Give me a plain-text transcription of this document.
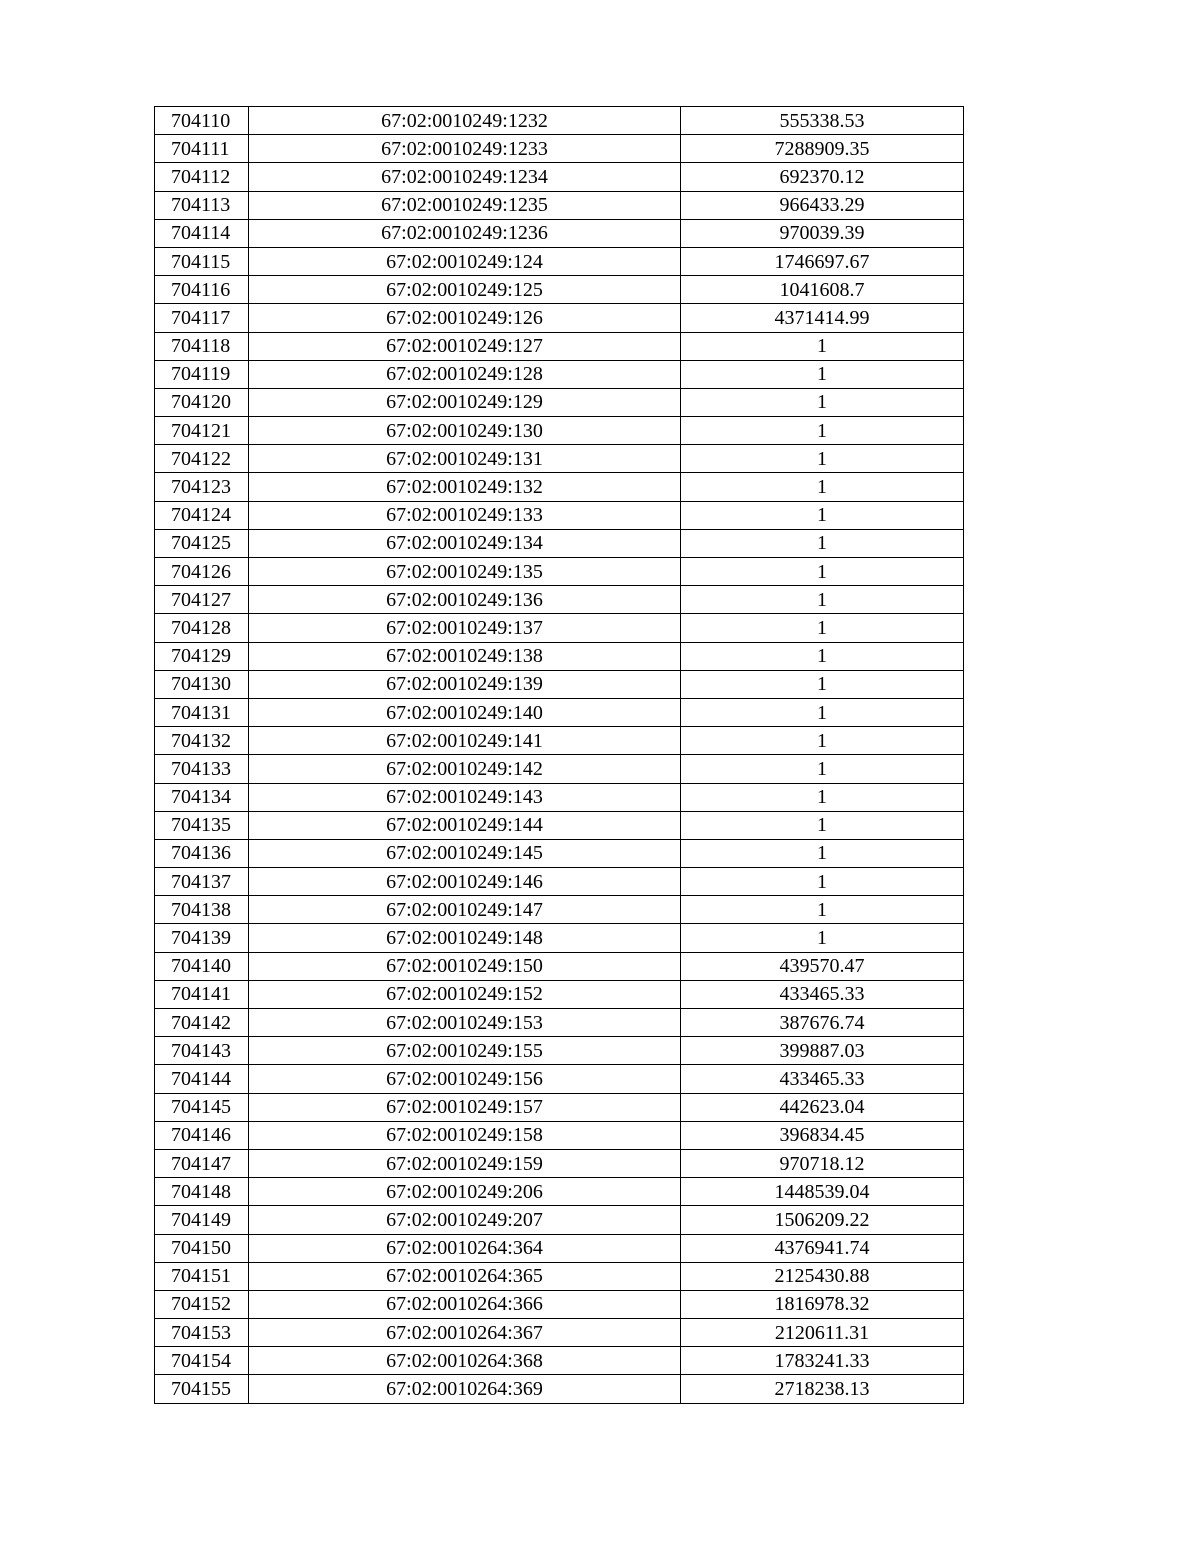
704110	67:02:0010249:1232	555338.53
704111	67:02:0010249:1233	7288909.35
704112	67:02:0010249:1234	692370.12
704113	67:02:0010249:1235	966433.29
704114	67:02:0010249:1236	970039.39
704115	67:02:0010249:124	1746697.67
704116	67:02:0010249:125	1041608.7
704117	67:02:0010249:126	4371414.99
704118	67:02:0010249:127	1
704119	67:02:0010249:128	1
704120	67:02:0010249:129	1
704121	67:02:0010249:130	1
704122	67:02:0010249:131	1
704123	67:02:0010249:132	1
704124	67:02:0010249:133	1
704125	67:02:0010249:134	1
704126	67:02:0010249:135	1
704127	67:02:0010249:136	1
704128	67:02:0010249:137	1
704129	67:02:0010249:138	1
704130	67:02:0010249:139	1
704131	67:02:0010249:140	1
704132	67:02:0010249:141	1
704133	67:02:0010249:142	1
704134	67:02:0010249:143	1
704135	67:02:0010249:144	1
704136	67:02:0010249:145	1
704137	67:02:0010249:146	1
704138	67:02:0010249:147	1
704139	67:02:0010249:148	1
704140	67:02:0010249:150	439570.47
704141	67:02:0010249:152	433465.33
704142	67:02:0010249:153	387676.74
704143	67:02:0010249:155	399887.03
704144	67:02:0010249:156	433465.33
704145	67:02:0010249:157	442623.04
704146	67:02:0010249:158	396834.45
704147	67:02:0010249:159	970718.12
704148	67:02:0010249:206	1448539.04
704149	67:02:0010249:207	1506209.22
704150	67:02:0010264:364	4376941.74
704151	67:02:0010264:365	2125430.88
704152	67:02:0010264:366	1816978.32
704153	67:02:0010264:367	2120611.31
704154	67:02:0010264:368	1783241.33
704155	67:02:0010264:369	2718238.13
